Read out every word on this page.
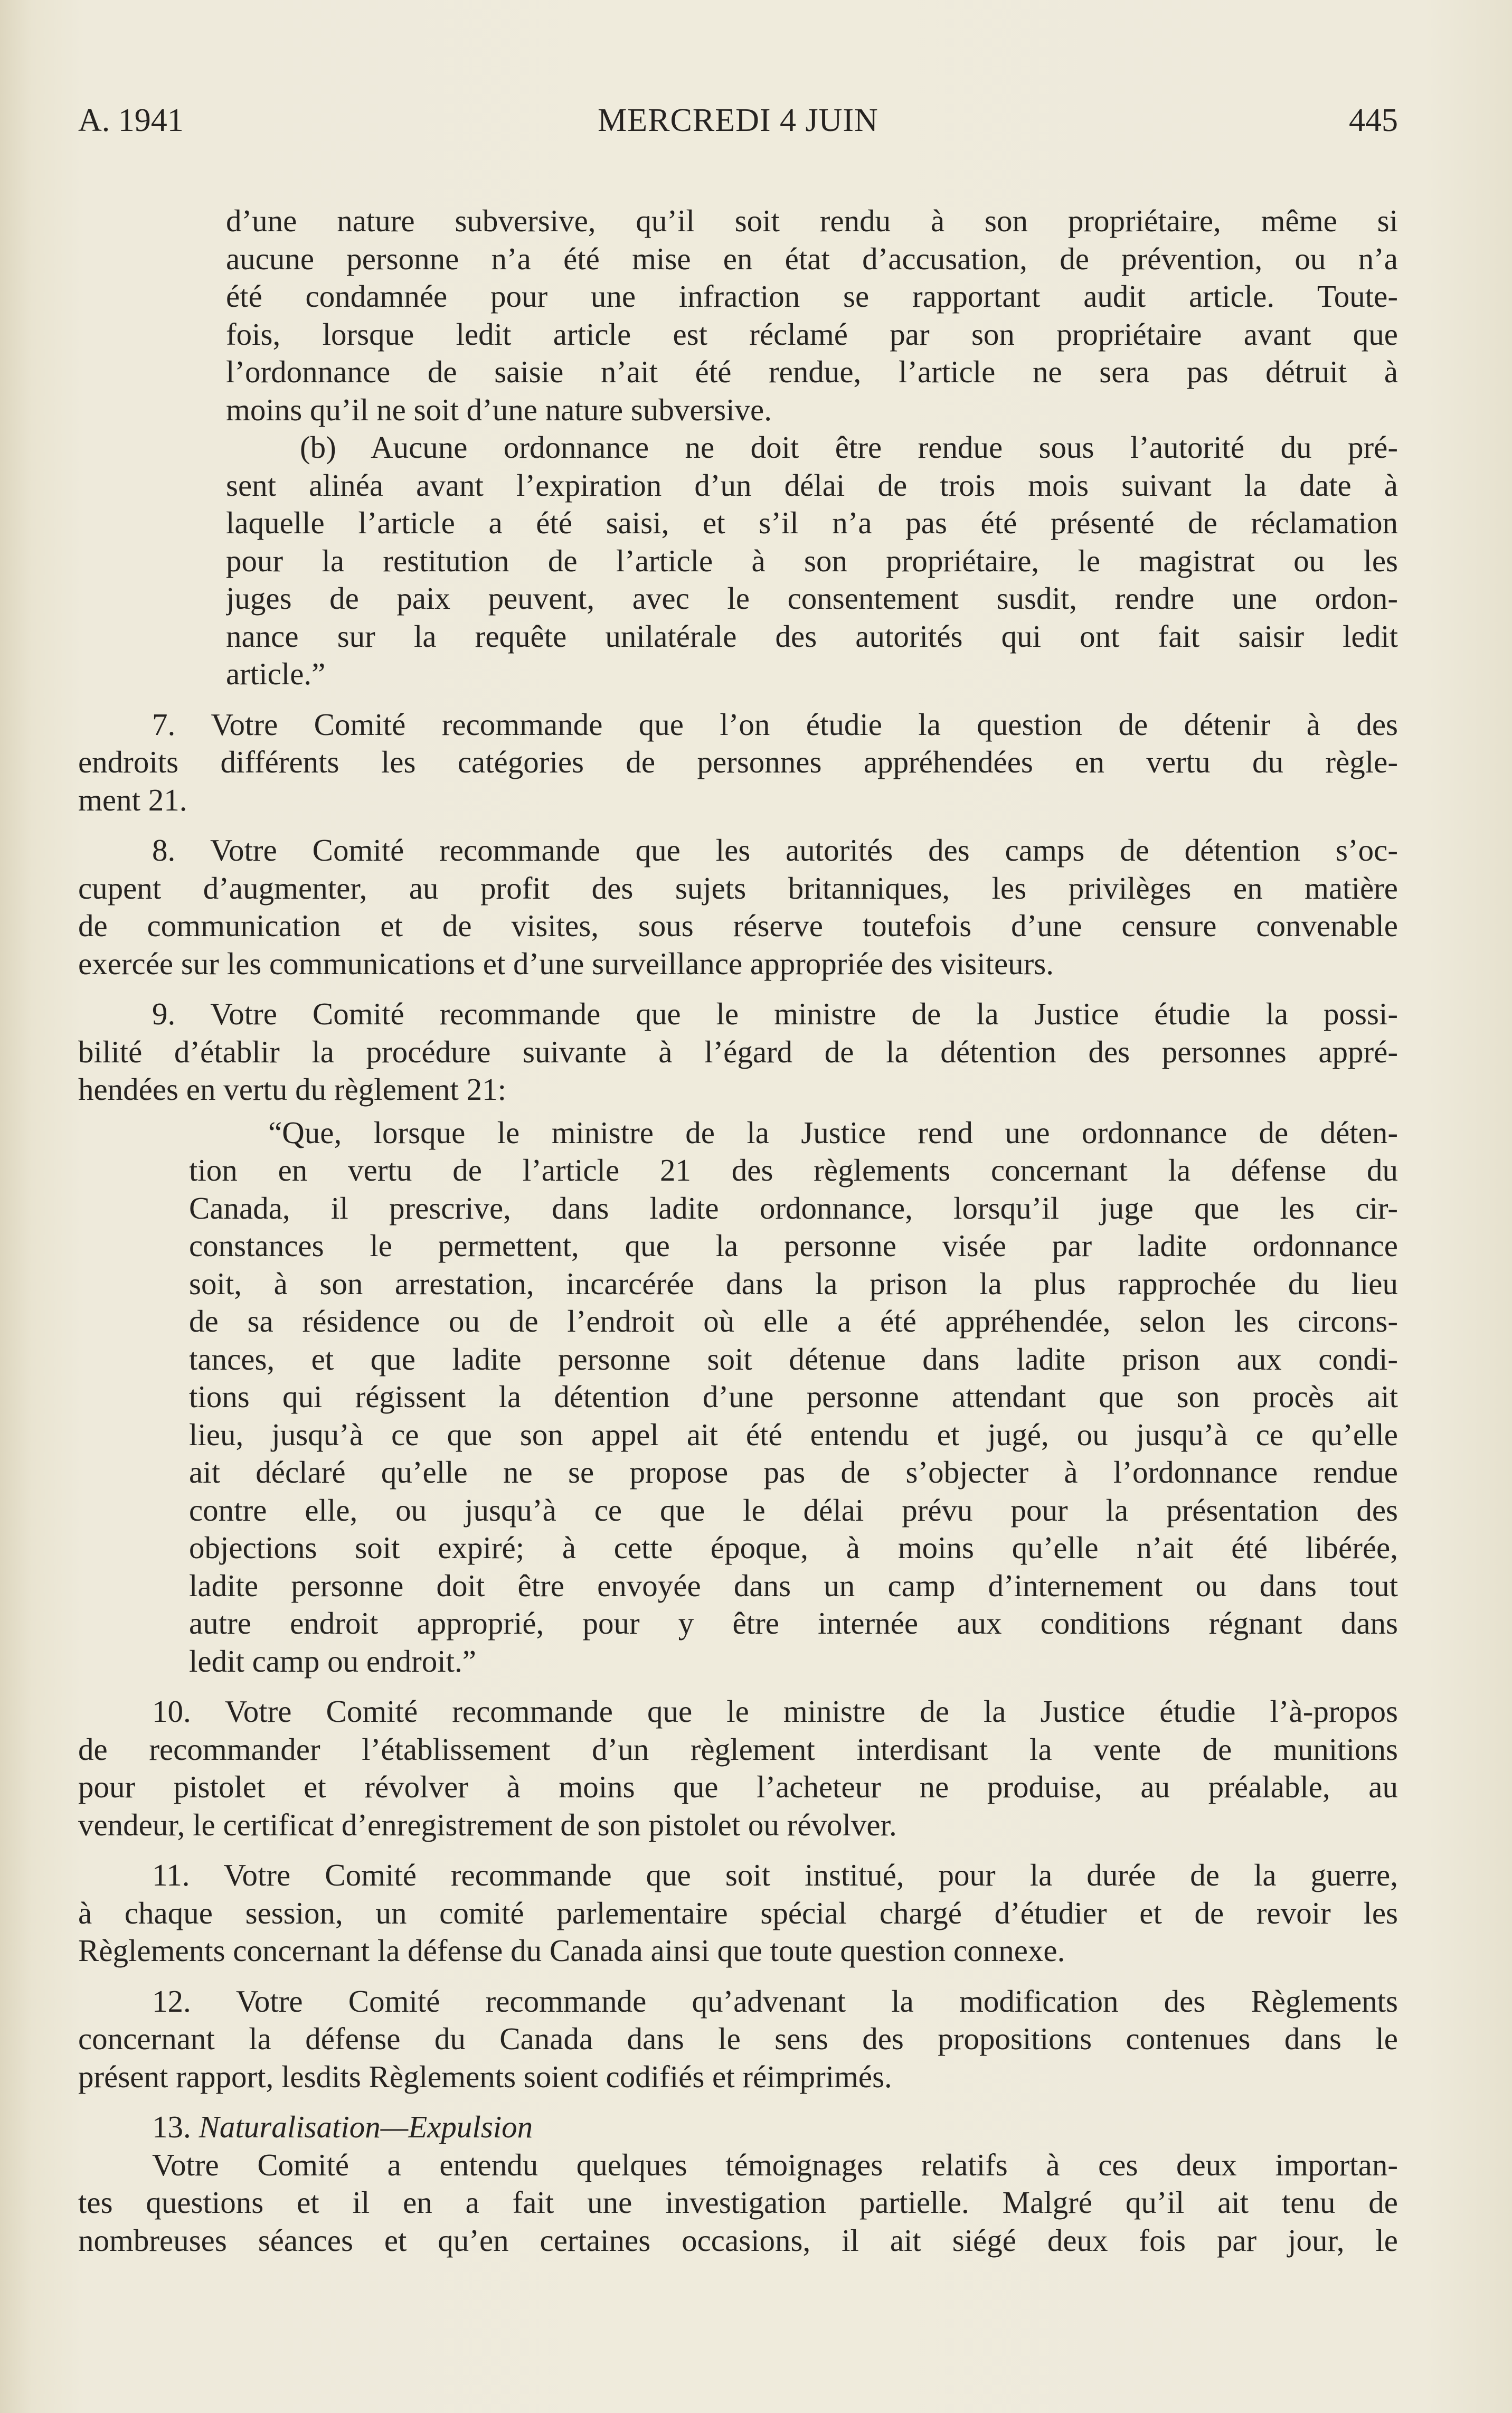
A. 1941	MERCREDI 4 JUIN	445
d’une nature subversive, qu’il soit rendu à son propriétaire, même si
aucune personne n’a été mise en état d’accusation, de prévention, ou n’a
été condamnée pour une infraction se rapportant audit article. Toute-
fois, lorsque ledit article est réclamé par son propriétaire avant que
l’ordonnance de saisie n’ait été rendue, l’article ne sera pas détruit à
moins qu’il ne soit d’une nature subversive.
(b) Aucune ordonnance ne doit être rendue sous l’autorité du pré-
sent alinéa avant l’expiration d’un délai de trois mois suivant la date à
laquelle l’article a été saisi, et s’il n’a pas été présenté de réclamation
pour la restitution de l’article à son propriétaire, le magistrat ou les
juges de paix peuvent, avec le consentement susdit, rendre une ordon-
nance sur la requête unilatérale des autorités qui ont fait saisir ledit
article.”
7. Votre Comité recommande que l’on étudie la question de détenir à des
endroits différents les catégories de personnes appréhendées en vertu du règle-
ment 21.
8. Votre Comité recommande que les autorités des camps de détention s’oc-
cupent d’augmenter, au profit des sujets britanniques, les privilèges en matière
de communication et de visites, sous réserve toutefois d’une censure convenable
exercée sur les communications et d’une surveillance appropriée des visiteurs.
9. Votre Comité recommande que le ministre de la Justice étudie la possi-
bilité d’établir la procédure suivante à l’égard de la détention des personnes appré-
hendées en vertu du règlement 21:
“Que, lorsque le ministre de la Justice rend une ordonnance de déten-
tion en vertu de l’article 21 des règlements concernant la défense du
Canada, il prescrive, dans ladite ordonnance, lorsqu’il juge que les cir-
constances le permettent, que la personne visée par ladite ordonnance
soit, à son arrestation, incarcérée dans la prison la plus rapprochée du lieu
de sa résidence ou de l’endroit où elle a été appréhendée, selon les circons-
tances, et que ladite personne soit détenue dans ladite prison aux condi-
tions qui régissent la détention d’une personne attendant que son procès ait
lieu, jusqu’à ce que son appel ait été entendu et jugé, ou jusqu’à ce qu’elle
ait déclaré qu’elle ne se propose pas de s’objecter à l’ordonnance rendue
contre elle, ou jusqu’à ce que le délai prévu pour la présentation des
objections soit expiré; à cette époque, à moins qu’elle n’ait été libérée,
ladite personne doit être envoyée dans un camp d’internement ou dans tout
autre endroit approprié, pour y être internée aux conditions régnant dans
ledit camp ou endroit.”
10. Votre Comité recommande que le ministre de la Justice étudie l’à-propos
de recommander l’établissement d’un règlement interdisant la vente de munitions
pour pistolet et révolver à moins que l’acheteur ne produise, au préalable, au
vendeur, le certificat d’enregistrement de son pistolet ou révolver.
11. Votre Comité recommande que soit institué, pour la durée de la guerre,
à chaque session, un comité parlementaire spécial chargé d’étudier et de revoir les
Règlements concernant la défense du Canada ainsi que toute question connexe.
12. Votre Comité recommande qu’advenant la modification des Règlements
concernant la défense du Canada dans le sens des propositions contenues dans le
présent rapport, lesdits Règlements soient codifiés et réimprimés.
13. Naturalisation—Expulsion
Votre Comité a entendu quelques témoignages relatifs à ces deux importan-
tes questions et il en a fait une investigation partielle. Malgré qu’il ait tenu de
nombreuses séances et qu’en certaines occasions, il ait siégé deux fois par jour, le
